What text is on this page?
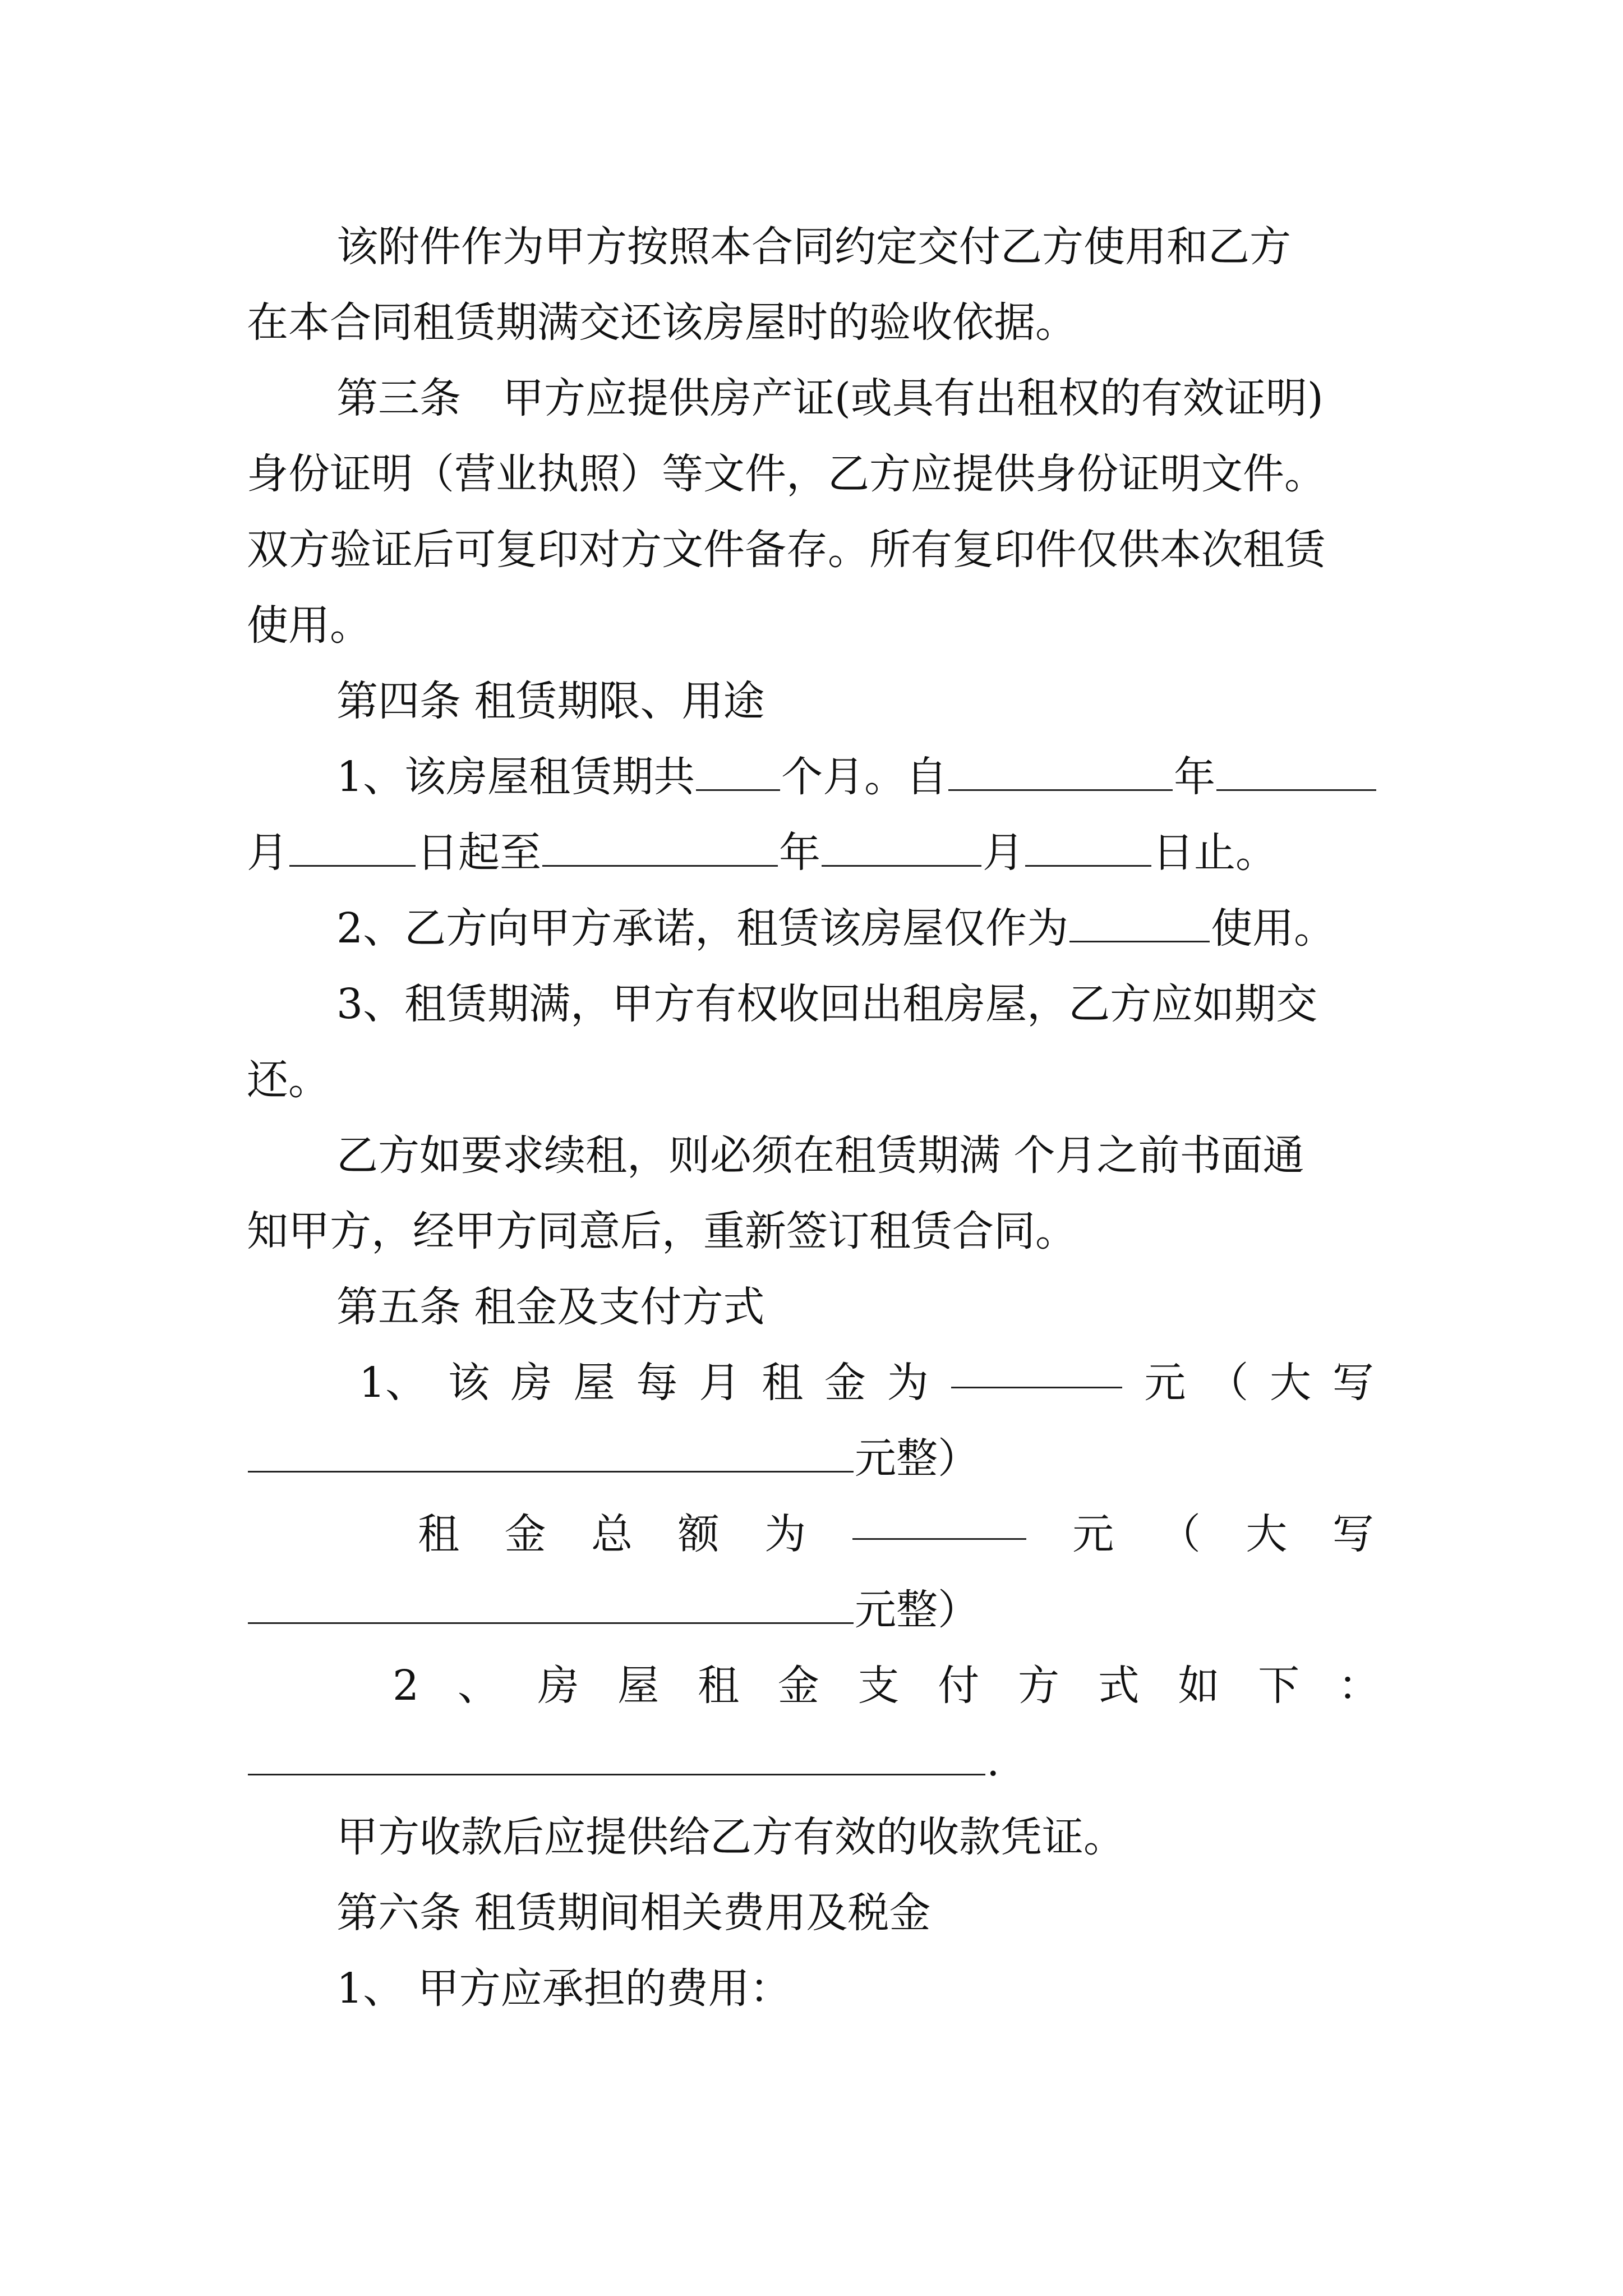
该附件作为甲方按照本合同约定交付乙方使用和乙方
在本合同租赁期满交还该房屋时的验收依据。
第三条　甲方应提供房产证(或具有出租权的有效证明)
身份证明（营业执照）等文件，乙方应提供身份证明文件。
双方验证后可复印对方文件备存。所有复印件仅供本次租赁
使用。
第四条 租赁期限、用途
1、该房屋租赁期共 个月。自	年
月	日起至	年	月	日止。
2、乙方向甲方承诺，租赁该房屋仅作为	使用。
3、租赁期满，甲方有权收回出租房屋，乙方应如期交
还。
乙方如要求续租，则必须在租赁期满 个月之前书面通
知甲方，经甲方同意后，重新签订租赁合同。
第五条 租金及支付方式
1、 该 房 屋 每 月 租 金 为	元 （ 大 写
元整）
租 金 总 额 为	元 （ 大 写
元整）
2 、 房 屋 租 金 支 付 方 式 如 下 ：
.
甲方收款后应提供给乙方有效的收款凭证。
第六条 租赁期间相关费用及税金
1、 甲方应承担的费用：
